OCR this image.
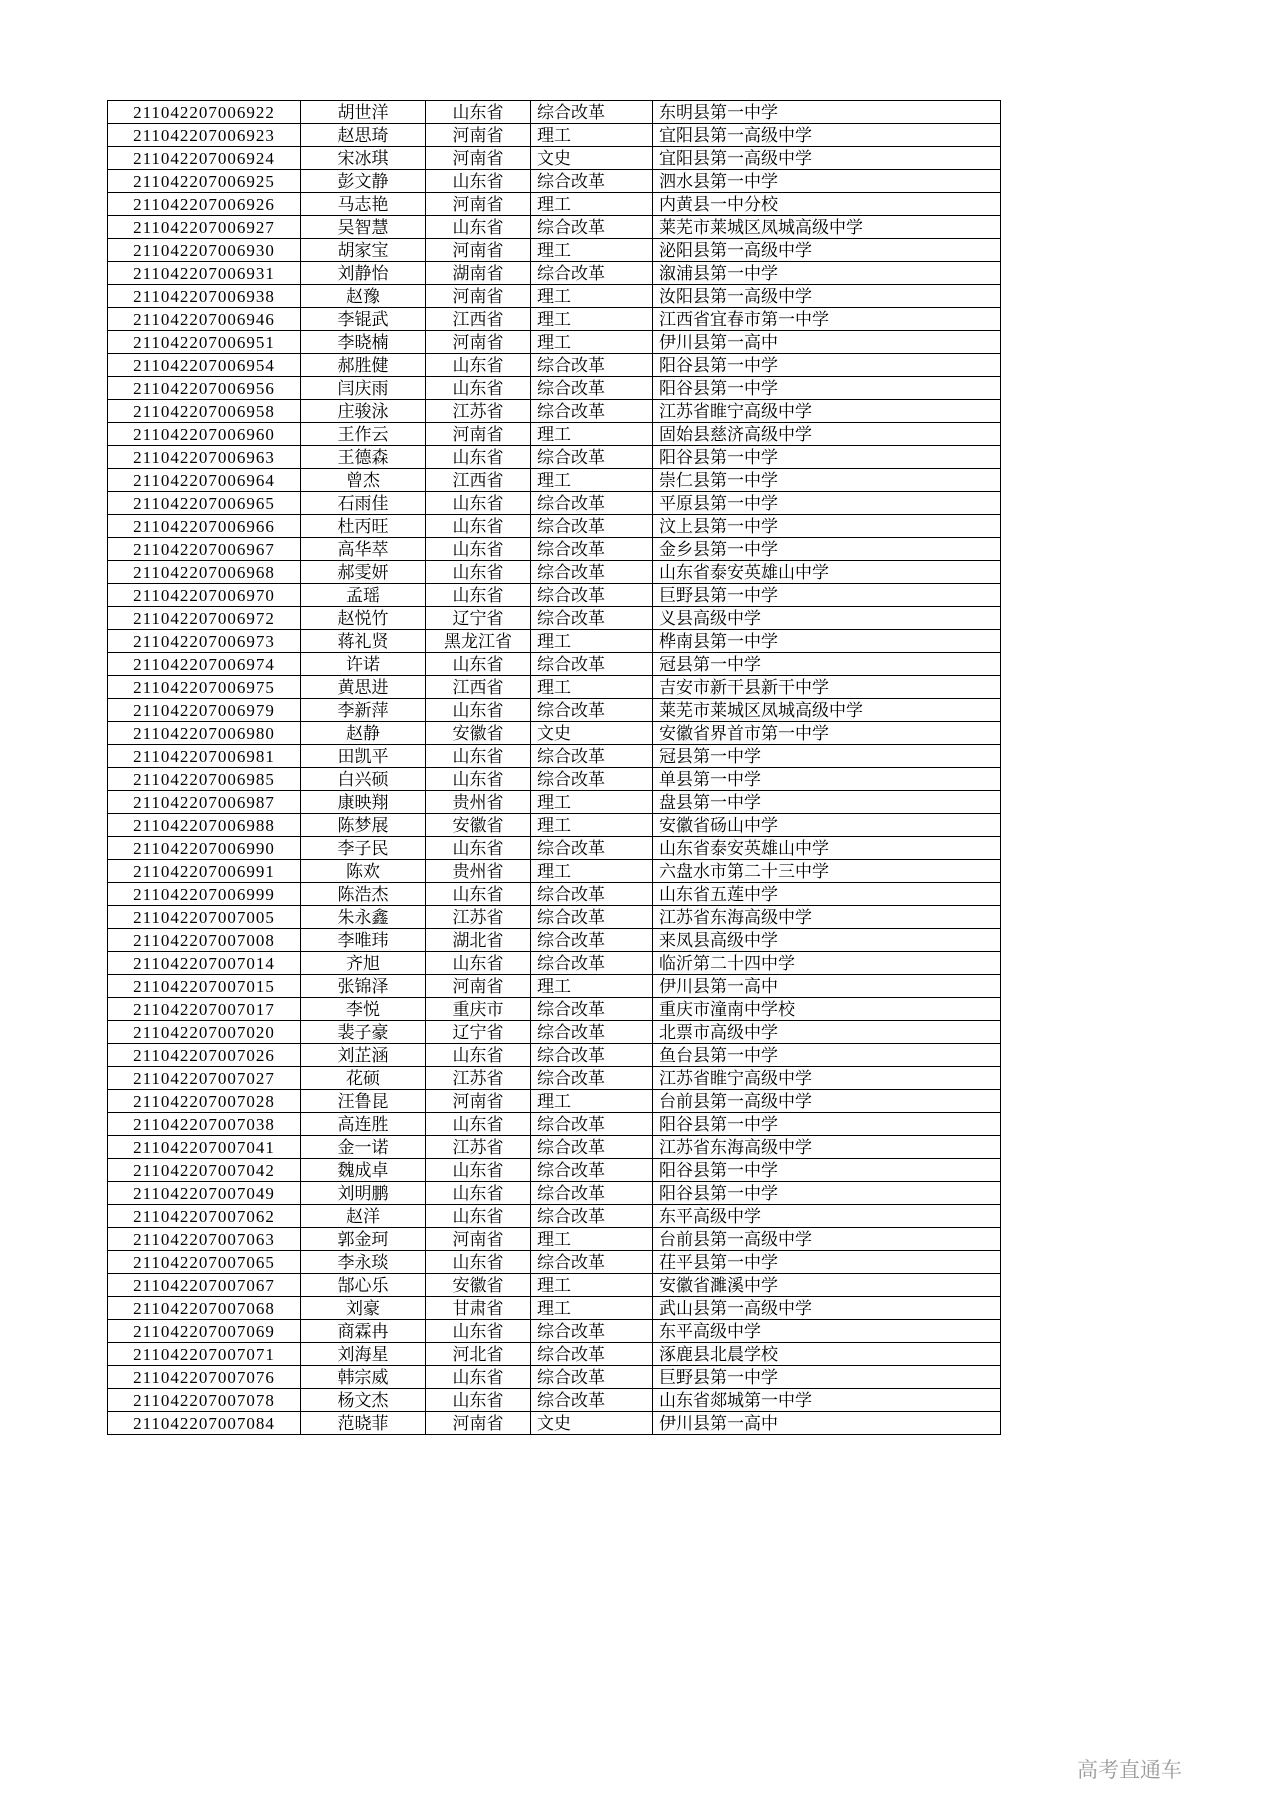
211042207006922	胡世洋	山东省	综合改革	东明县第一中学
211042207006923	赵思琦	河南省	理工	宜阳县第一高级中学
211042207006924	宋冰琪	河南省	文史	宜阳县第一高级中学
211042207006925	彭文静	山东省	综合改革	泗水县第一中学
211042207006926	马志艳	河南省	理工	内黄县一中分校
211042207006927	吴智慧	山东省	综合改革	莱芜市莱城区凤城高级中学
211042207006930	胡家宝	河南省	理工	泌阳县第一高级中学
211042207006931	刘静怡	湖南省	综合改革	溆浦县第一中学
211042207006938	赵豫	河南省	理工	汝阳县第一高级中学
211042207006946	李锟武	江西省	理工	江西省宜春市第一中学
211042207006951	李晓楠	河南省	理工	伊川县第一高中
211042207006954	郝胜健	山东省	综合改革	阳谷县第一中学
211042207006956	闫庆雨	山东省	综合改革	阳谷县第一中学
211042207006958	庄骏泳	江苏省	综合改革	江苏省睢宁高级中学
211042207006960	王作云	河南省	理工	固始县慈济高级中学
211042207006963	王德森	山东省	综合改革	阳谷县第一中学
211042207006964	曾杰	江西省	理工	崇仁县第一中学
211042207006965	石雨佳	山东省	综合改革	平原县第一中学
211042207006966	杜丙旺	山东省	综合改革	汶上县第一中学
211042207006967	高华萃	山东省	综合改革	金乡县第一中学
211042207006968	郝雯妍	山东省	综合改革	山东省泰安英雄山中学
211042207006970	孟瑶	山东省	综合改革	巨野县第一中学
211042207006972	赵悦竹	辽宁省	综合改革	义县高级中学
211042207006973	蒋礼贤	黑龙江省	理工	桦南县第一中学
211042207006974	许诺	山东省	综合改革	冠县第一中学
211042207006975	黄思进	江西省	理工	吉安市新干县新干中学
211042207006979	李新萍	山东省	综合改革	莱芜市莱城区凤城高级中学
211042207006980	赵静	安徽省	文史	安徽省界首市第一中学
211042207006981	田凯平	山东省	综合改革	冠县第一中学
211042207006985	白兴硕	山东省	综合改革	单县第一中学
211042207006987	康映翔	贵州省	理工	盘县第一中学
211042207006988	陈梦展	安徽省	理工	安徽省砀山中学
211042207006990	李子民	山东省	综合改革	山东省泰安英雄山中学
211042207006991	陈欢	贵州省	理工	六盘水市第二十三中学
211042207006999	陈浩杰	山东省	综合改革	山东省五莲中学
211042207007005	朱永鑫	江苏省	综合改革	江苏省东海高级中学
211042207007008	李唯玮	湖北省	综合改革	来凤县高级中学
211042207007014	齐旭	山东省	综合改革	临沂第二十四中学
211042207007015	张锦泽	河南省	理工	伊川县第一高中
211042207007017	李悦	重庆市	综合改革	重庆市潼南中学校
211042207007020	裴子豪	辽宁省	综合改革	北票市高级中学
211042207007026	刘芷涵	山东省	综合改革	鱼台县第一中学
211042207007027	花硕	江苏省	综合改革	江苏省睢宁高级中学
211042207007028	汪鲁昆	河南省	理工	台前县第一高级中学
211042207007038	高连胜	山东省	综合改革	阳谷县第一中学
211042207007041	金一诺	江苏省	综合改革	江苏省东海高级中学
211042207007042	魏成卓	山东省	综合改革	阳谷县第一中学
211042207007049	刘明鹏	山东省	综合改革	阳谷县第一中学
211042207007062	赵洋	山东省	综合改革	东平高级中学
211042207007063	郭金珂	河南省	理工	台前县第一高级中学
211042207007065	李永琰	山东省	综合改革	茌平县第一中学
211042207007067	郜心乐	安徽省	理工	安徽省濉溪中学
211042207007068	刘豪	甘肃省	理工	武山县第一高级中学
211042207007069	商霖冉	山东省	综合改革	东平高级中学
211042207007071	刘海星	河北省	综合改革	涿鹿县北晨学校
211042207007076	韩宗威	山东省	综合改革	巨野县第一中学
211042207007078	杨文杰	山东省	综合改革	山东省郯城第一中学
211042207007084	范晓菲	河南省	文史	伊川县第一高中
高考直通车
